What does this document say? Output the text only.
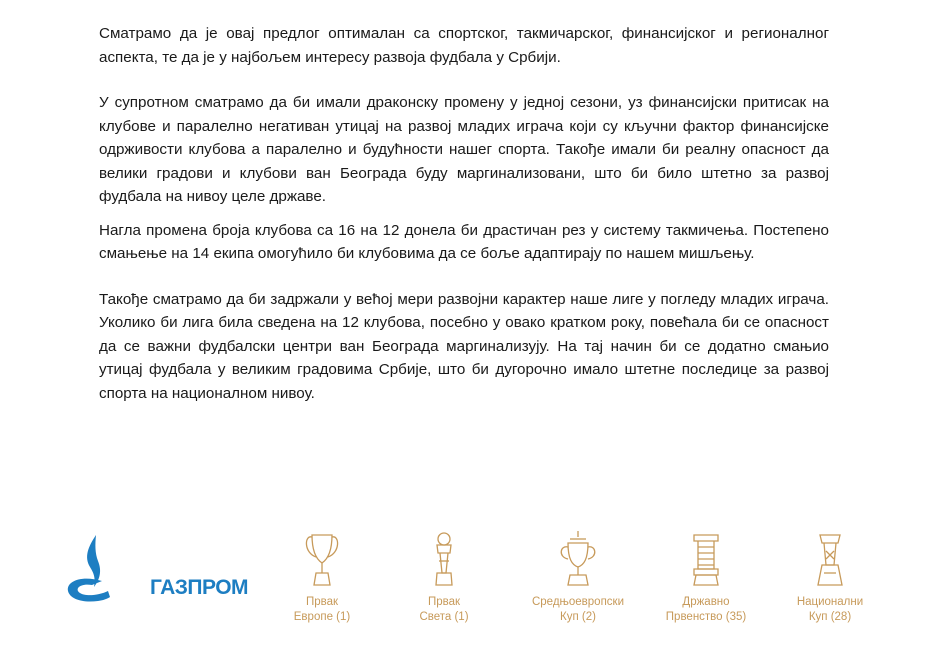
Сматрамо да је овај предлог оптималан са спортског, такмичарског, финансијског и регионалног аспекта, те да је у најбољем интересу развоја фудбала у Србији.

У супротном сматрамо да би имали драконску промену у једној сезони, уз финансијски притисак на клубове и паралелно негативан утицај на развој младих играча који су кључни фактор финансијске одрживости клубова а паралелно и будућности нашег спорта. Такође имали би реалну опасност да велики градови и клубови ван Београда буду маргинализовани, што би било штетно за развој фудбала на нивоу целе државе.

Нагла промена броја клубова са 16 на 12 донела би драстичан рез у систему такмичења. Постепено смањење на 14 екипа омогућило би клубовима да се боље адаптирају по нашем мишљењу.

Такође сматрамо да би задржали у већој мери развојни карактер наше лиге у погледу младих играча. Уколико би лига била сведена на 12 клубова, посебно у овако кратком року, повећала би се опасност да се важни фудбалски центри ван Београда маргинализују. На тај начин би се додатно смањио утицај фудбала у великим градовима Србије, што би дугорочно имало штетне последице за развој спорта на националном нивоу.

ГАЗПРОМ
Првак
Европе (1)
Првак
Света (1)
Средњоевропски
Куп (2)
Државно
Првенство (35)
Национални
Куп (28)
